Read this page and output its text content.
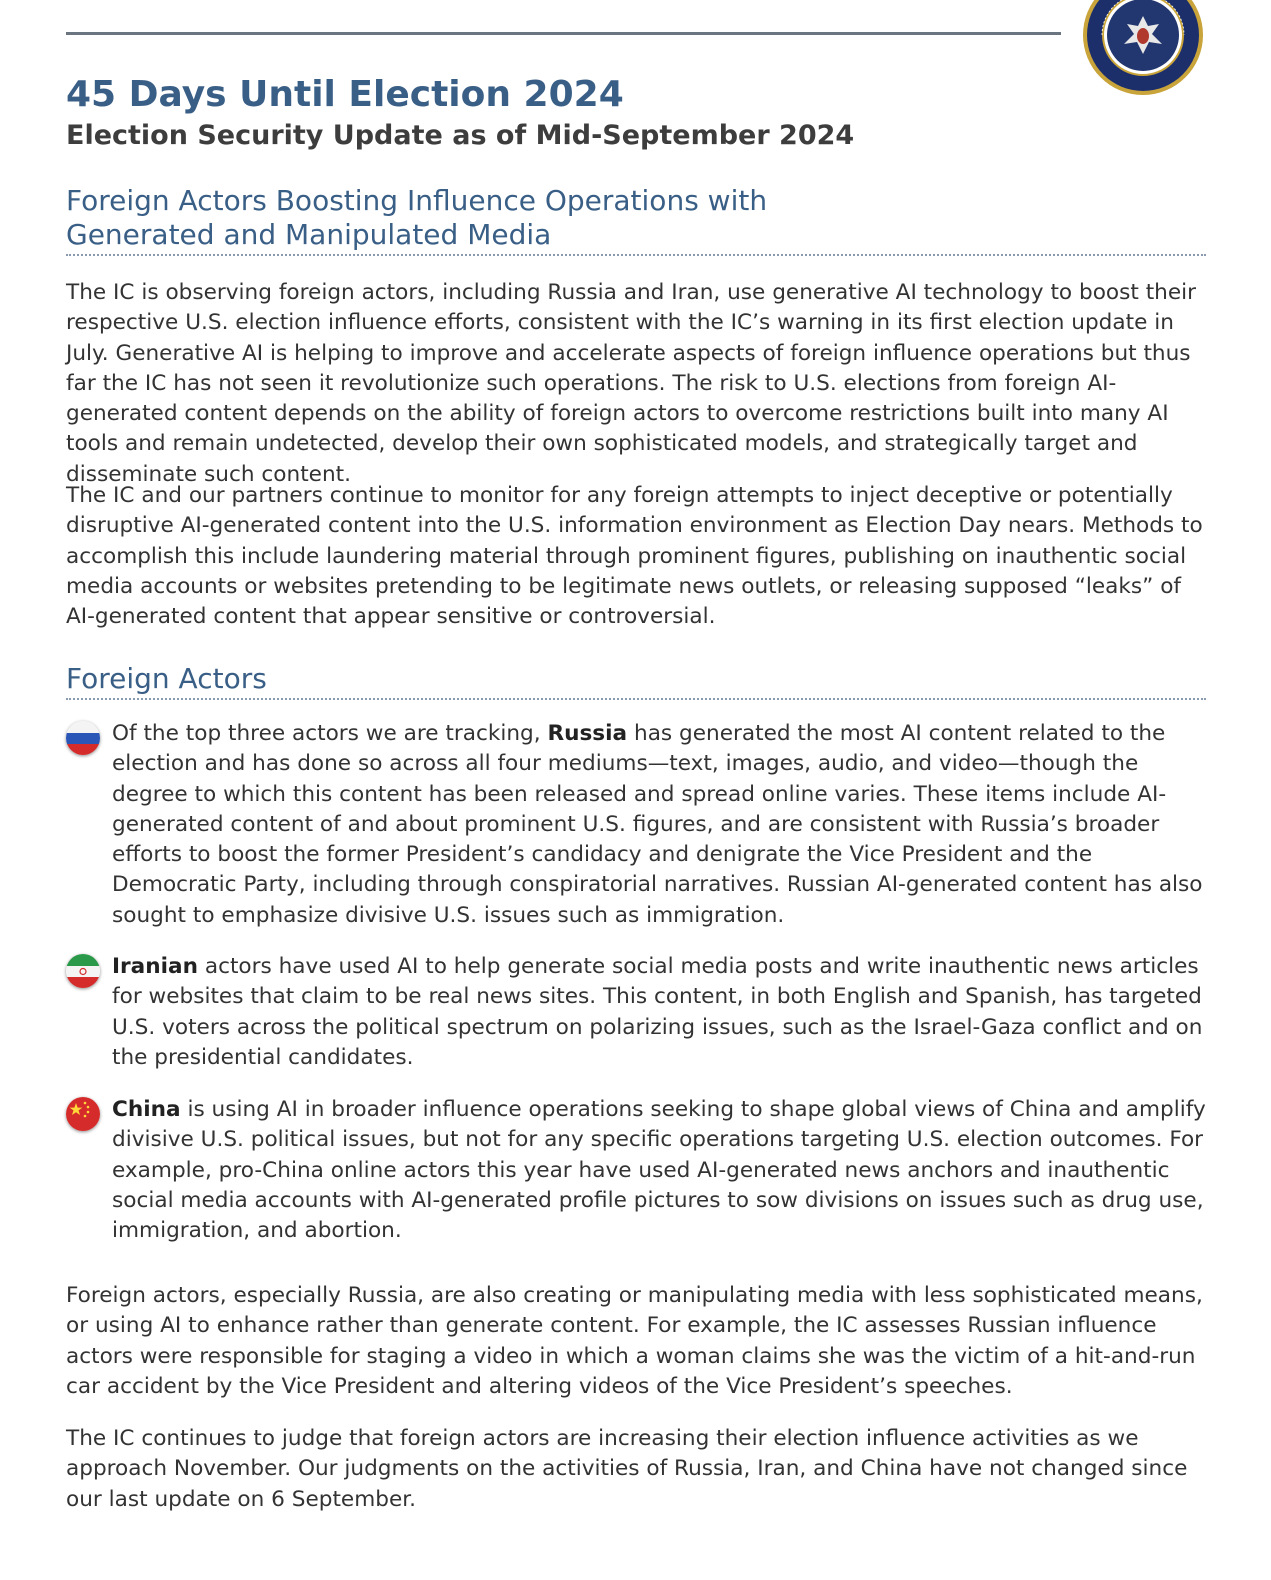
45 Days Until Election 2024
Election Security Update as of Mid-September 2024
Foreign Actors Boosting Influence Operations with
Generated and Manipulated Media

The IC is observing foreign actors, including Russia and Iran, use generative AI technology to boost their respective U.S. election influence efforts, consistent with the IC’s warning in its first election update in July. Generative AI is helping to improve and accelerate aspects of foreign influence operations but thus far the IC has not seen it revolutionize such operations. The risk to U.S. elections from foreign AI-generated content depends on the ability of foreign actors to overcome restrictions built into many AI tools and remain undetected, develop their own sophisticated models, and strategically target and disseminate such content.

The IC and our partners continue to monitor for any foreign attempts to inject deceptive or potentially disruptive AI-generated content into the U.S. information environment as Election Day nears. Methods to accomplish this include laundering material through prominent figures, publishing on inauthentic social media accounts or websites pretending to be legitimate news outlets, or releasing supposed “leaks” of AI-generated content that appear sensitive or controversial.

Foreign Actors

Of the top three actors we are tracking, Russia has generated the most AI content related to the election and has done so across all four mediums—text, images, audio, and video—though the degree to which this content has been released and spread online varies. These items include AI-generated content of and about prominent U.S. figures, and are consistent with Russia’s broader efforts to boost the former President’s candidacy and denigrate the Vice President and the Democratic Party, including through conspiratorial narratives. Russian AI-generated content has also sought to emphasize divisive U.S. issues such as immigration.

Iranian actors have used AI to help generate social media posts and write inauthentic news articles for websites that claim to be real news sites. This content, in both English and Spanish, has targeted U.S. voters across the political spectrum on polarizing issues, such as the Israel-Gaza conflict and on the presidential candidates.

China is using AI in broader influence operations seeking to shape global views of China and amplify divisive U.S. political issues, but not for any specific operations targeting U.S. election outcomes. For example, pro-China online actors this year have used AI-generated news anchors and inauthentic social media accounts with AI-generated profile pictures to sow divisions on issues such as drug use, immigration, and abortion.

Foreign actors, especially Russia, are also creating or manipulating media with less sophisticated means, or using AI to enhance rather than generate content. For example, the IC assesses Russian influence actors were responsible for staging a video in which a woman claims she was the victim of a hit-and-run car accident by the Vice President and altering videos of the Vice President’s speeches.

The IC continues to judge that foreign actors are increasing their election influence activities as we approach November. Our judgments on the activities of Russia, Iran, and China have not changed since our last update on 6 September.
